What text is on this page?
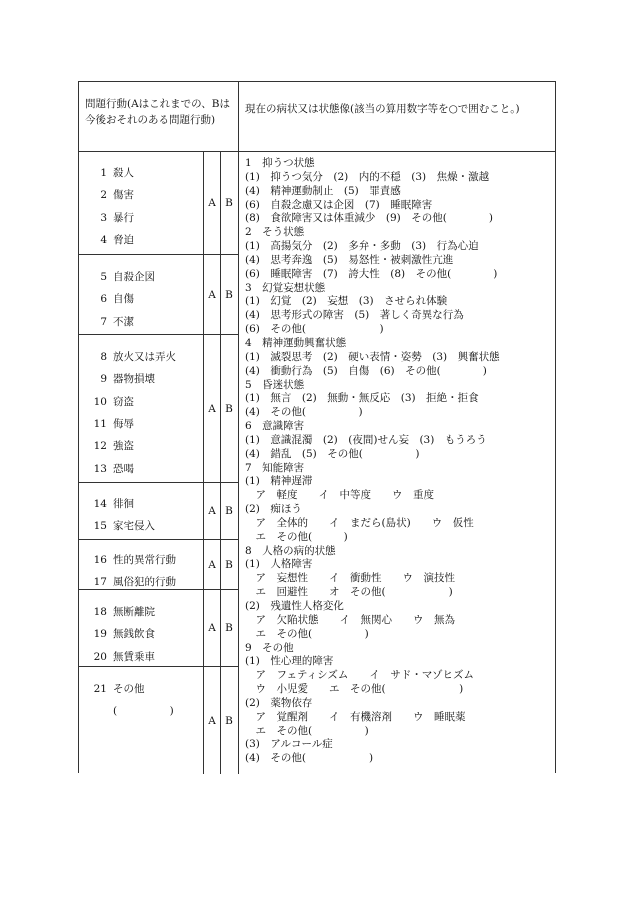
問題行動(Aはこれまでの、Bは今後おそれのある問題行動)
現在の病状又は状態像(該当の算用数字等を○で囲むこと。)
1 殺人
2 傷害
3 暴行
4 脅迫
A B
5 自殺企図
6 自傷
7 不潔
A B
8 放火又は弄火
9 器物損壊
10 窃盗
11 侮辱
12 強盗
13 恐喝
A B
14 徘徊
15 家宅侵入
A B
16 性的異常行動
17 風俗犯的行動
A B
18 無断離院
19 無銭飲食
20 無賃乗車
A B
21 その他
(　　　　　)
A B
1　抑うつ状態
(1)　抑うつ気分　(2)　内的不穏　(3)　焦燥・激越
(4)　精神運動制止　(5)　罪責感
(6)　自殺念慮又は企図　(7)　睡眠障害
(8)　食欲障害又は体重減少　(9)　その他(　　　　)
2　そう状態
(1)　高揚気分　(2)　多弁・多動　(3)　行為心迫
(4)　思考奔逸　(5)　易怒性・被刺激性亢進
(6)　睡眠障害　(7)　誇大性　(8)　その他(　　　　)
3　幻覚妄想状態
(1)　幻覚　(2)　妄想　(3)　させられ体験
(4)　思考形式の障害　(5)　著しく奇異な行為
(6)　その他(　　　　　　　)
4　精神運動興奮状態
(1)　滅裂思考　(2)　硬い表情・姿勢　(3)　興奮状態
(4)　衝動行為　(5)　自傷　(6)　その他(　　　　)
5　昏迷状態
(1)　無言　(2)　無動・無反応　(3)　拒絶・拒食
(4)　その他(　　　　　)
6　意識障害
(1)　意識混濁　(2)　(夜間)せん妄　(3)　もうろう
(4)　錯乱　(5)　その他(　　　　　)
7　知能障害
(1)　精神遅滞
　ア　軽度　　イ　中等度　　ウ　重度
(2)　痴ほう
　ア　全体的　　イ　まだら(島状)　　ウ　仮性
　エ　その他(　　　)
8　人格の病的状態
(1)　人格障害
　ア　妄想性　　イ　衝動性　　ウ　演技性
　エ　回避性　　オ　その他(　　　　　　)
(2)　残遺性人格変化
　ア　欠陥状態　　イ　無関心　　ウ　無為
　エ　その他(　　　　　)
9　その他
(1)　性心理的障害
　ア　フェティシズム　　イ　サド・マゾヒズム
　ウ　小児愛　　エ　その他(　　　　　　　)
(2)　薬物依存
　ア　覚醒剤　　イ　有機溶剤　　ウ　睡眠薬
　エ　その他(　　　　　)
(3)　アルコール症
(4)　その他(　　　　　　)
